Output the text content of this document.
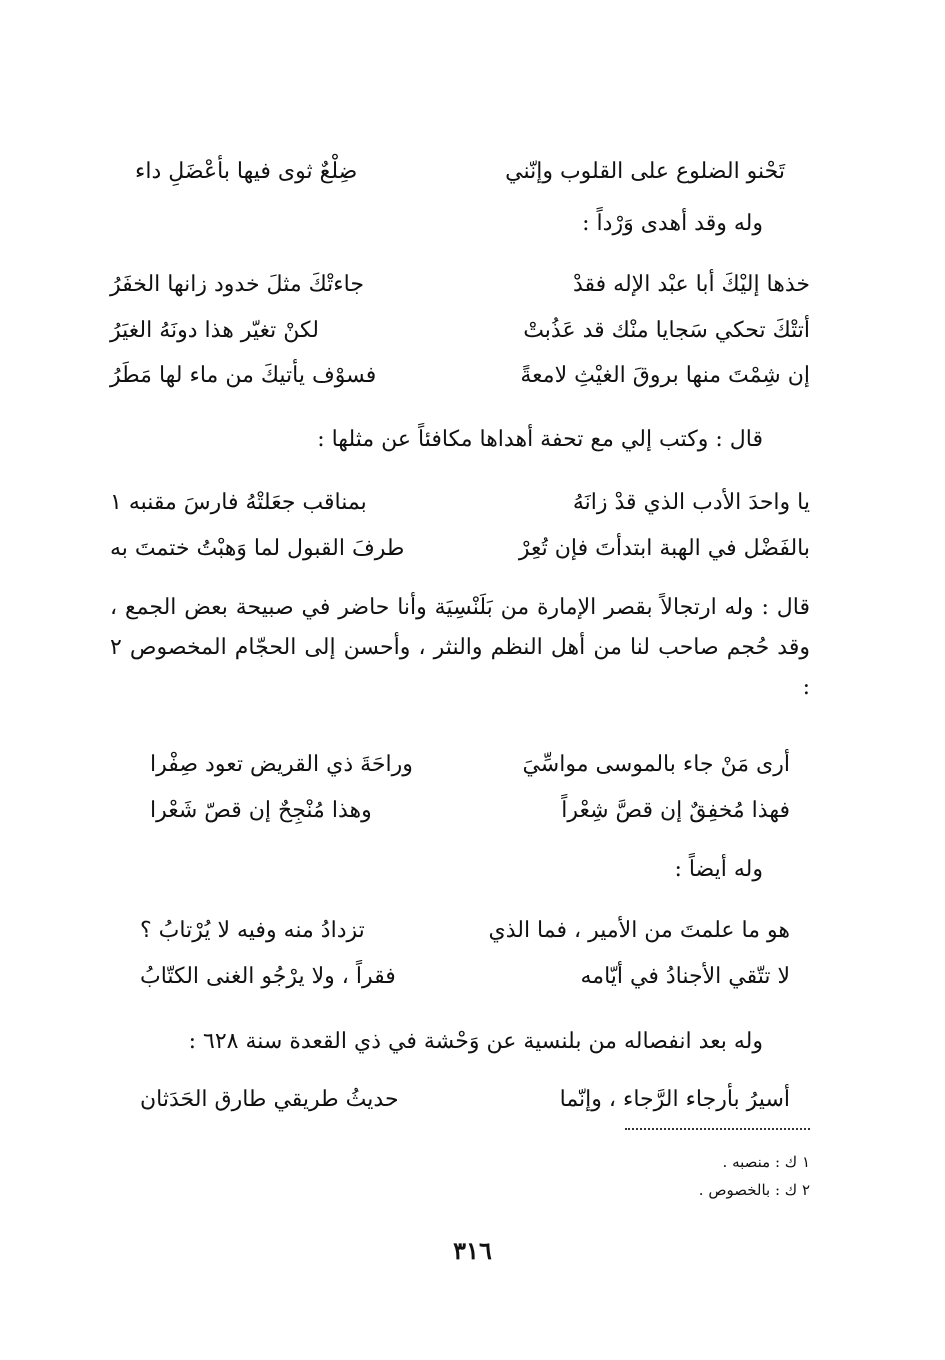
تَحْنو الضلوع على القلوب وإنّني
ضِلْعٌ ثوى فيها بأعْضَلِ داء
وله وقد أهدى وَرْداً :
خذها إليْكَ أبا عبْد الإله فقدْ
جاءتْكَ مثلَ خدود زانها الخفَرُ
أتتْكَ تحكي سَجايا منْك قد عَذُبتْ
لكنْ تغيّر هذا دونَهُ الغيَرُ
إن شِمْتَ منها بروقَ الغيْثِ لامعةً
فسوْف يأتيكَ من ماء لها مَطَرُ
قال : وكتب إلي مع تحفة أهداها مكافئاً عن مثلها :
يا واحدَ الأدب الذي قدْ زانَهُ
بمناقب جعَلتْهُ فارسَ مقنبه ١
بالفَضْل في الهبة ابتدأتَ فإن تُعِرْ
طرفَ القبول لما وَهبْتُ ختمتَ به
قال : وله ارتجالاً بقصر الإمارة من بَلَنْسِيَة وأنا حاضر في صبيحة بعض الجمع ، وقد حُجم صاحب لنا من أهل النظم والنثر ، وأحسن إلى الحجّام المخصوص ٢ :
أرى مَنْ جاء بالموسى مواسِّيَ
وراحَةَ ذي القريض تعود صِفْرا
فهذا مُخفِقٌ إن قصَّ شِعْراً
وهذا مُنْجِحٌ إن قصّ شَعْرا
وله أيضاً :
هو ما علمتَ من الأمير ، فما الذي
تزدادُ منه وفيه لا يُرْتابُ ؟
لا تتّقي الأجنادُ في أيّامه
فقراً ، ولا يرْجُو الغنى الكتّابُ
وله بعد انفصاله من بلنسية عن وَحْشة في ذي القعدة سنة ٦٢٨ :
أسيرُ بأرجاء الرَّجاء ، وإنّما
حديثُ طريقي طارق الحَدَثان
١ ك : منصبه .
٢ ك : بالخصوص .
٣١٦
